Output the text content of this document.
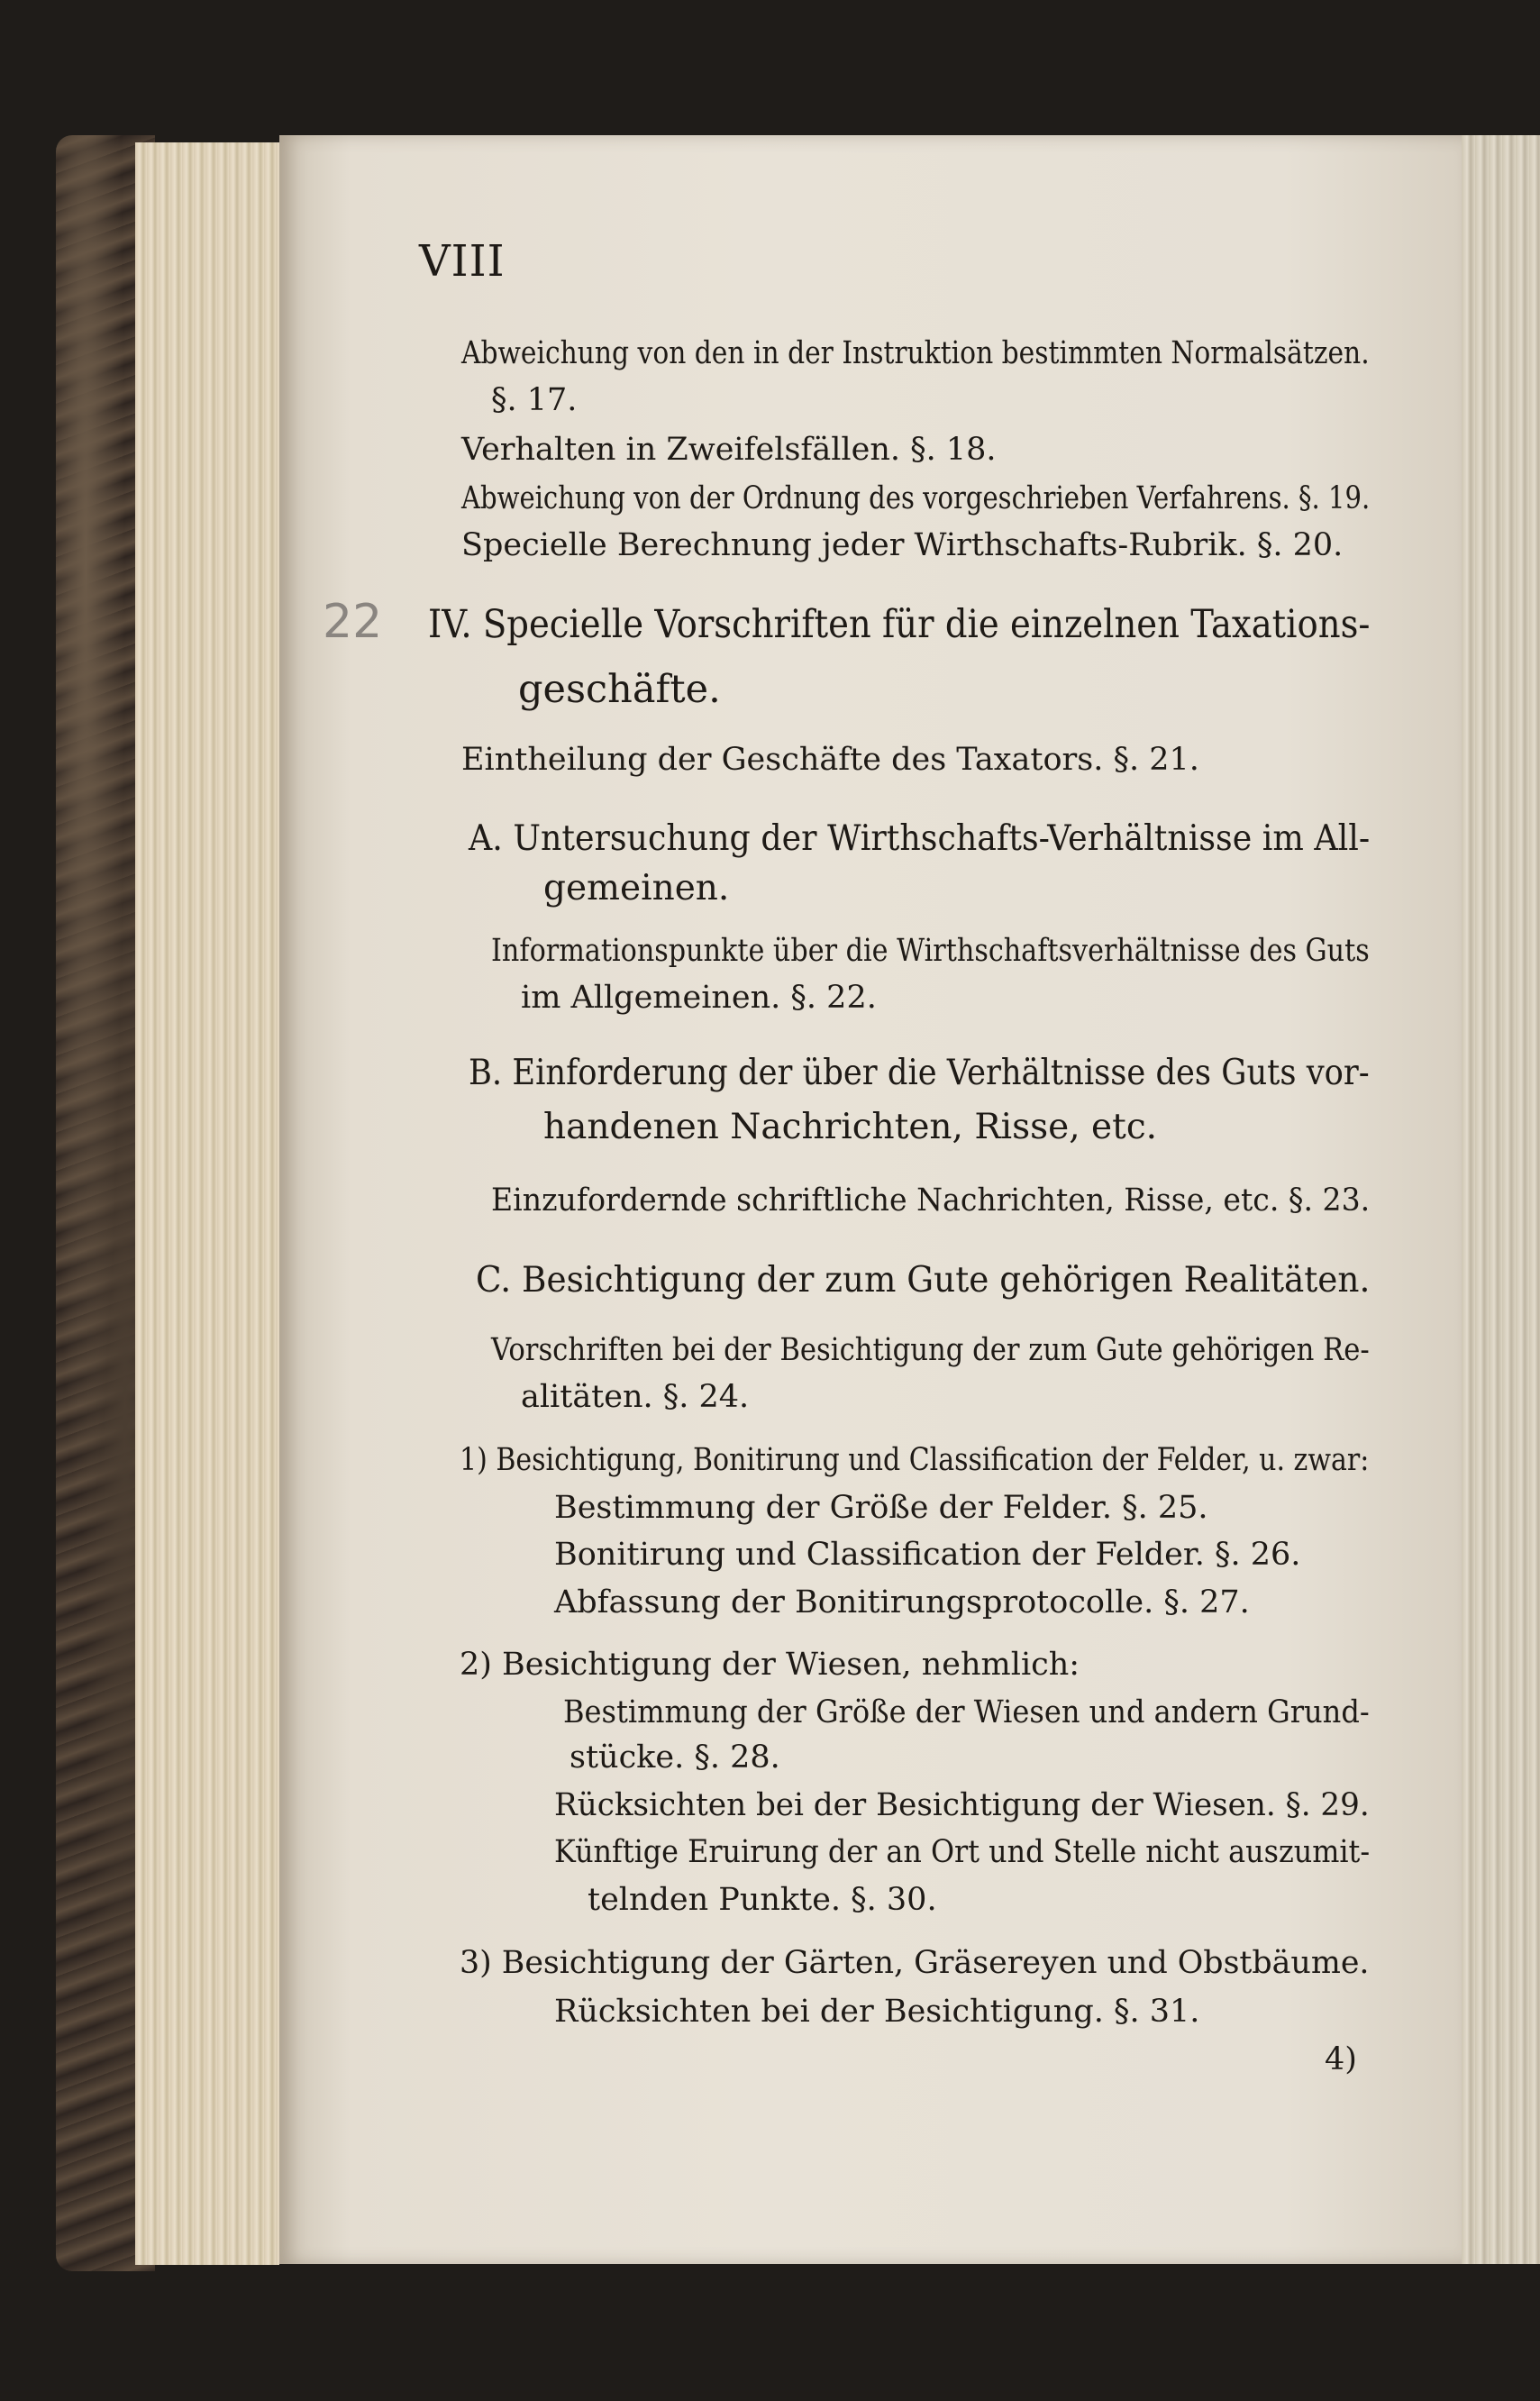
VIII
22
Abweichung von den in der Instruktion bestimmten Normalsätzen.
§. 17.
Verhalten in Zweifelsfällen. §. 18.
Abweichung von der Ordnung des vorgeschrieben Verfahrens. §. 19.
Specielle Berechnung jeder Wirthschafts-Rubrik. §. 20.
IV. Specielle Vorschriften für die einzelnen Taxations-
geschäfte.
Eintheilung der Geschäfte des Taxators. §. 21.
A. Untersuchung der Wirthschafts-Verhältnisse im All-
gemeinen.
Informationspunkte über die Wirthschaftsverhältnisse des Guts
im Allgemeinen. §. 22.
B. Einforderung der über die Verhältnisse des Guts vor-
handenen Nachrichten, Risse, etc.
Einzufordernde schriftliche Nachrichten, Risse, etc. §. 23.
C. Besichtigung der zum Gute gehörigen Realitäten.
Vorschriften bei der Besichtigung der zum Gute gehörigen Re-
alitäten. §. 24.
1) Besichtigung, Bonitirung und Classification der Felder, u. zwar:
Bestimmung der Größe der Felder. §. 25.
Bonitirung und Classification der Felder. §. 26.
Abfassung der Bonitirungsprotocolle. §. 27.
2) Besichtigung der Wiesen, nehmlich:
Bestimmung der Größe der Wiesen und andern Grund-
stücke. §. 28.
Rücksichten bei der Besichtigung der Wiesen. §. 29.
Künftige Eruirung der an Ort und Stelle nicht auszumit-
telnden Punkte. §. 30.
3) Besichtigung der Gärten, Gräsereyen und Obstbäume.
Rücksichten bei der Besichtigung. §. 31.
4)
